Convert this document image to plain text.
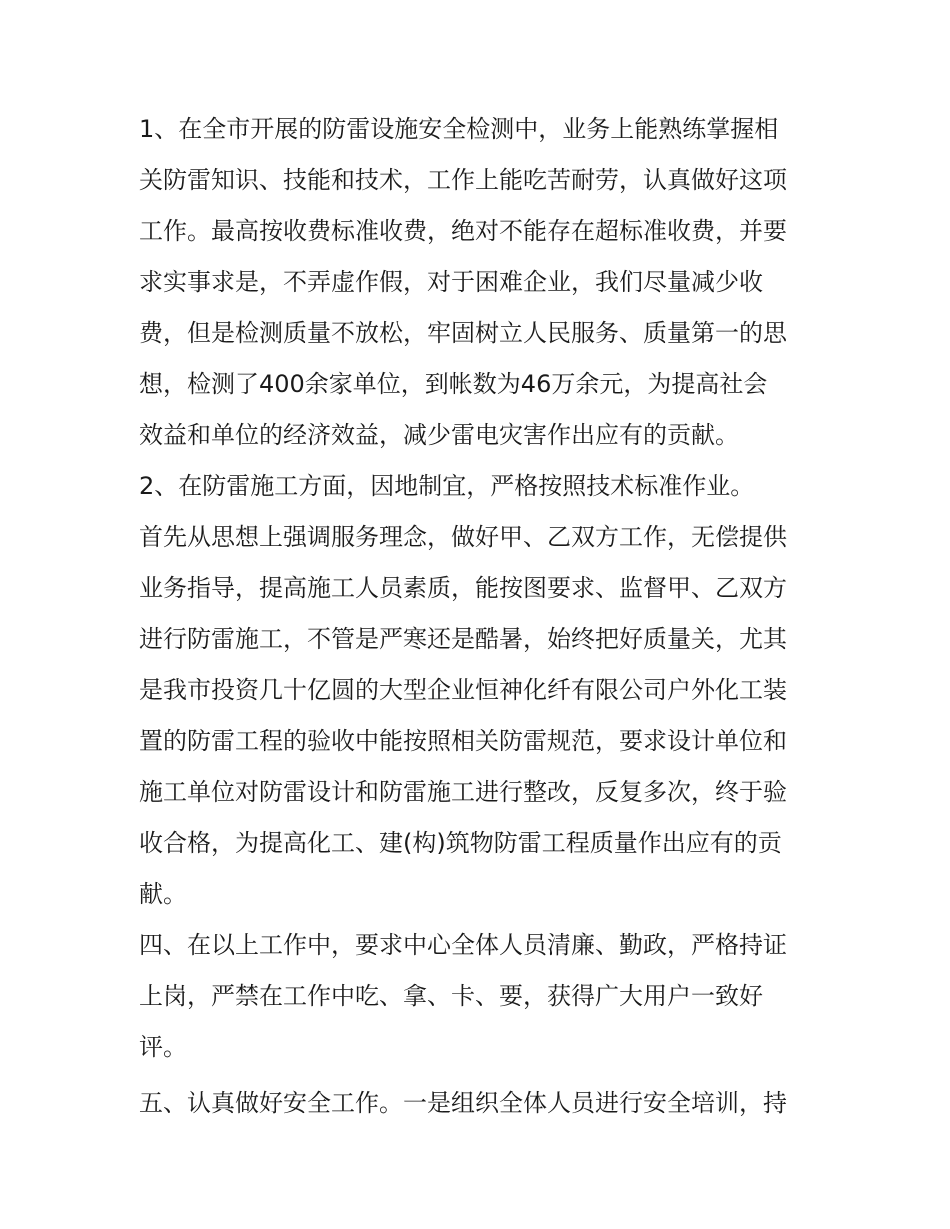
1、在全市开展的防雷设施安全检测中，业务上能熟练掌握相
关防雷知识、技能和技术，工作上能吃苦耐劳，认真做好这项
工作。最高按收费标准收费，绝对不能存在超标准收费，并要
求实事求是，不弄虚作假，对于困难企业，我们尽量减少收
费，但是检测质量不放松，牢固树立人民服务、质量第一的思
想，检测了400余家单位，到帐数为46万余元，为提高社会
效益和单位的经济效益，减少雷电灾害作出应有的贡献。
2、在防雷施工方面，因地制宜，严格按照技术标准作业。
首先从思想上强调服务理念，做好甲、乙双方工作，无偿提供
业务指导，提高施工人员素质，能按图要求、监督甲、乙双方
进行防雷施工，不管是严寒还是酷暑，始终把好质量关，尤其
是我市投资几十亿圆的大型企业恒神化纤有限公司户外化工装
置的防雷工程的验收中能按照相关防雷规范，要求设计单位和
施工单位对防雷设计和防雷施工进行整改，反复多次，终于验
收合格，为提高化工、建(构)筑物防雷工程质量作出应有的贡
献。
四、在以上工作中，要求中心全体人员清廉、勤政，严格持证
上岗，严禁在工作中吃、拿、卡、要，获得广大用户一致好
评。
五、认真做好安全工作。一是组织全体人员进行安全培训，持
